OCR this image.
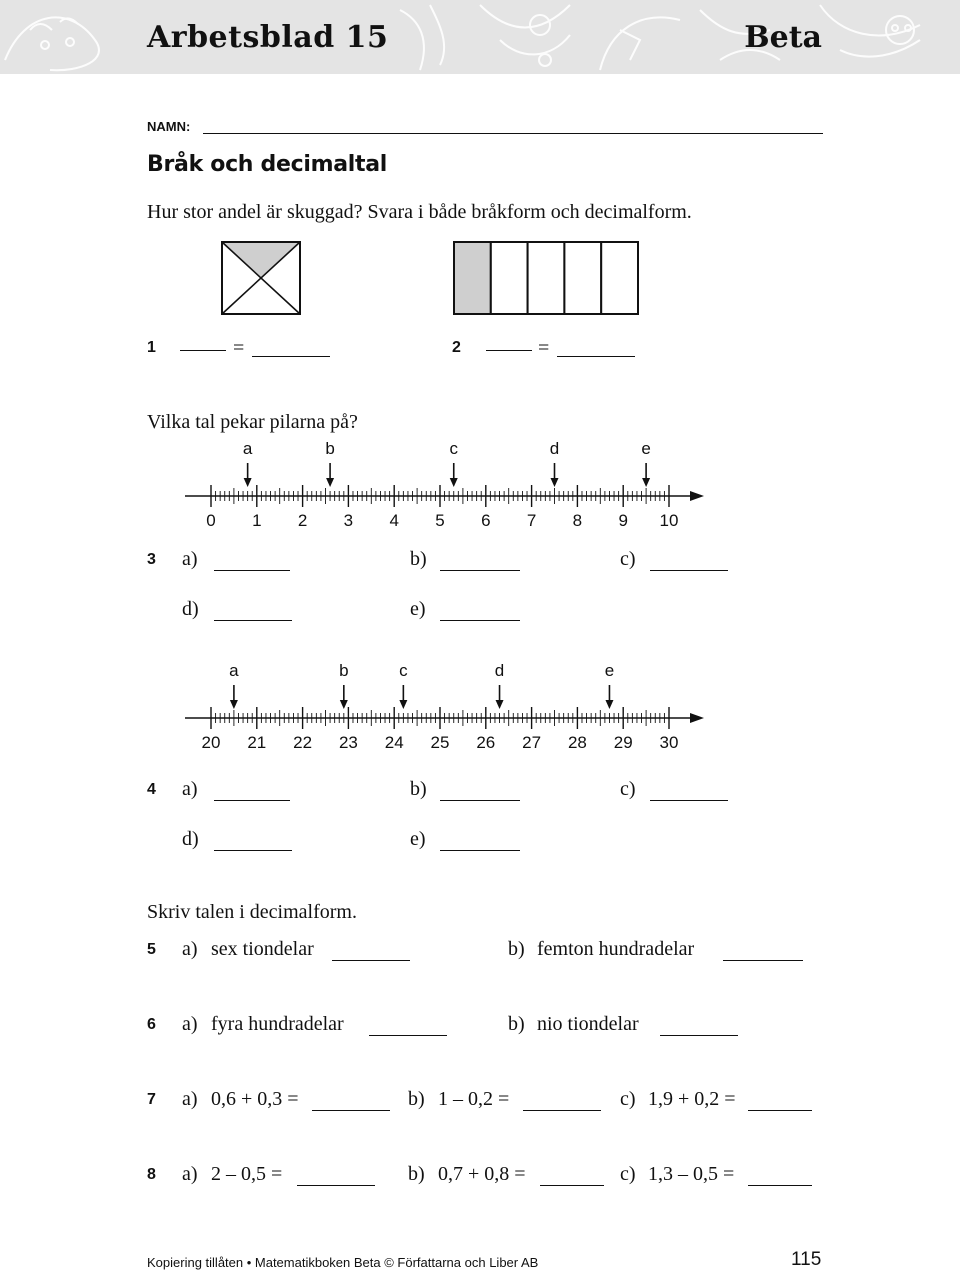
Arbetsblad 15	Beta
NAMN:
Bråk och decimaltal
Hur stor andel är skuggad? Svara i både bråkform och decimalform.
1	=	2	=
Vilka tal pekar pilarna på?
0 1 2 3 4 5 6 7 8 9 10
a	b	c	d	e
3 a)	b)	c)
d)	e)
20 21 22 23 24 25 26 27 28 29 30
a	b	c	d	e
4 a)	b)	c)
d)	e)
Skriv talen i decimalform.
5 a) sex tiondelar	b) femton hundradelar
6 a) fyra hundradelar	b) nio tiondelar
7 a) 0,6 + 0,3 =	b) 1 – 0,2 =	c) 1,9 + 0,2 =
8 a) 2 – 0,5 =	b) 0,7 + 0,8 =	c) 1,3 – 0,5 =
Kopiering tillåten • Matematikboken Beta © Författarna och Liber AB	115
